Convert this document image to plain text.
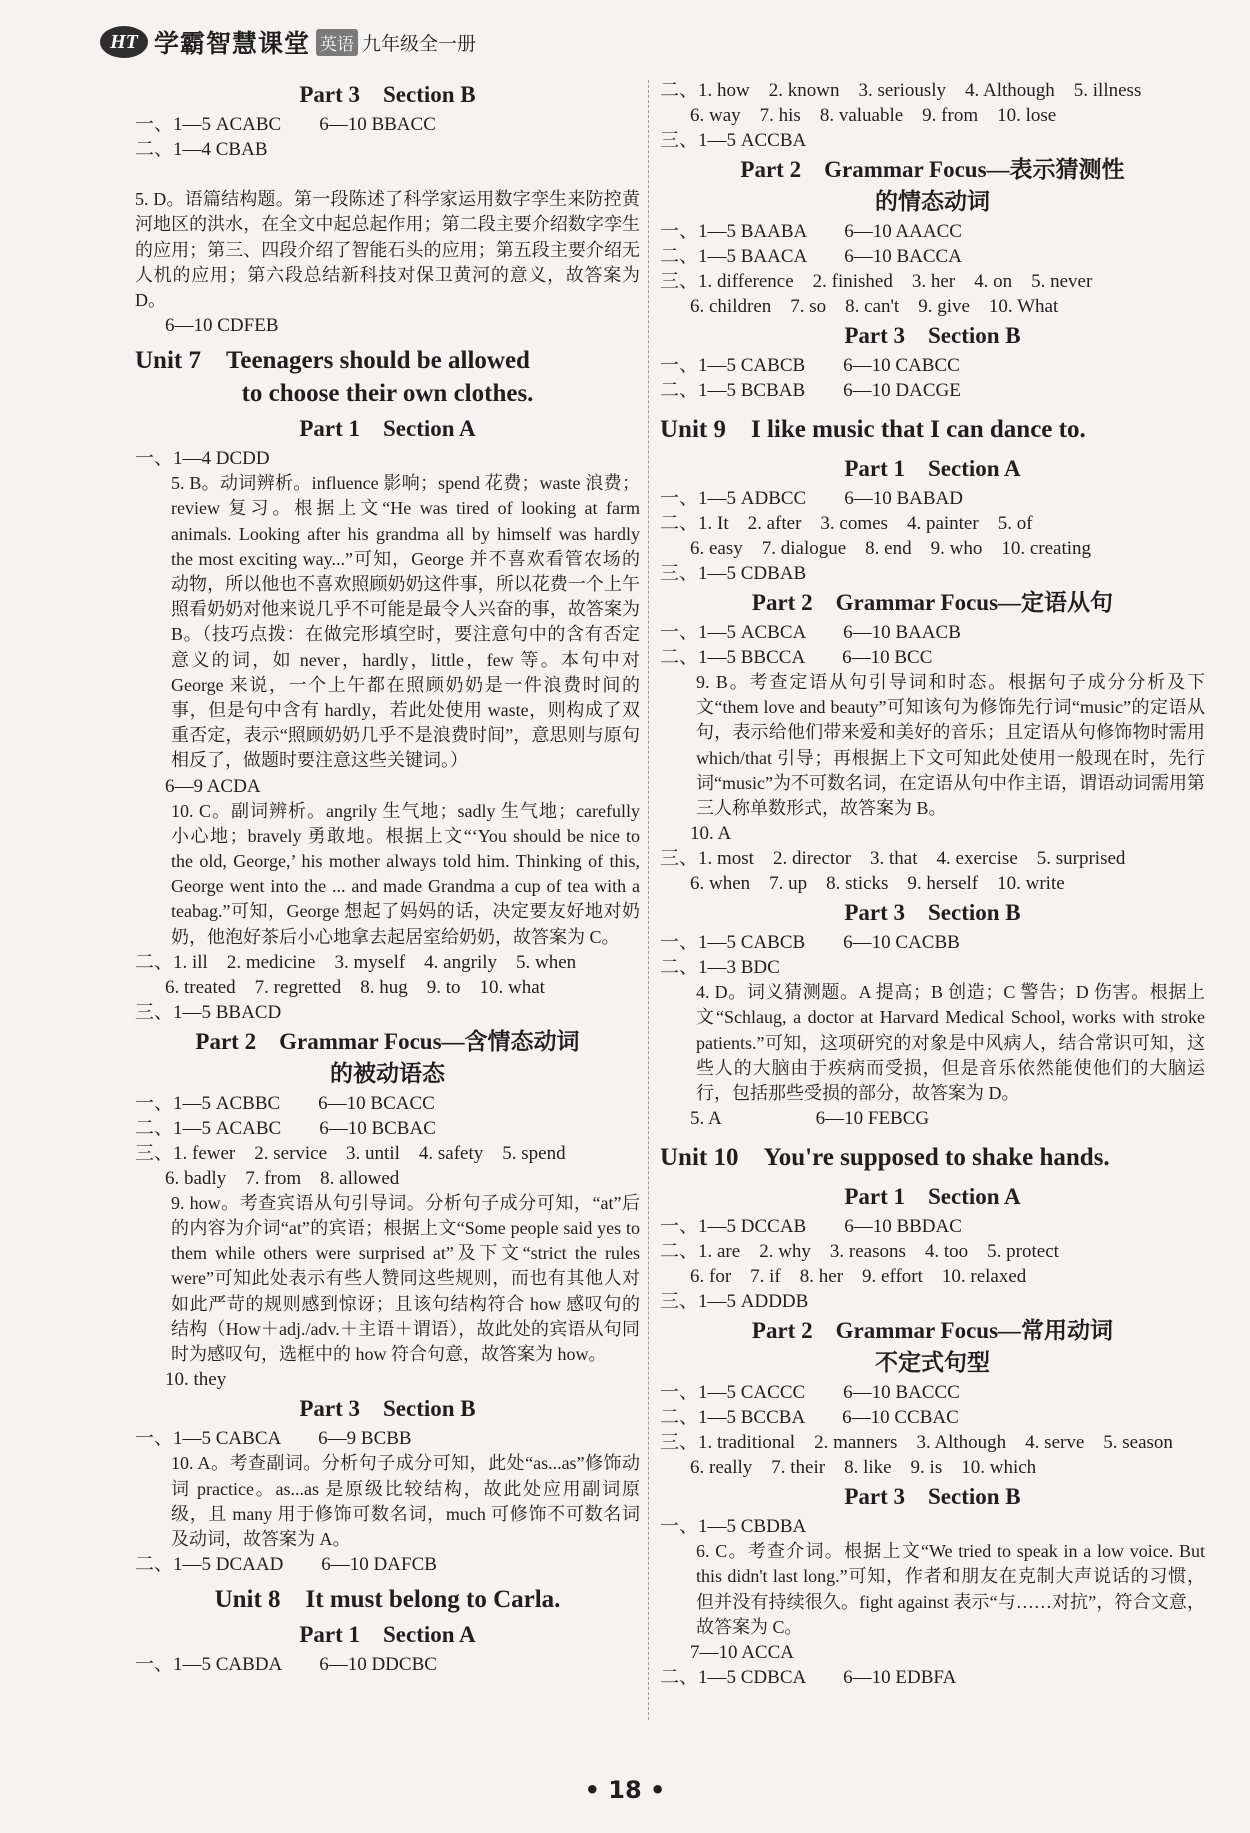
HT 学霸智慧课堂 英语 九年级全一册
Part 3　Section B
一、1—5 ACABC　　6—10 BBACC
二、1—4 CBAB
5. D。语篇结构题。第一段陈述了科学家运用数字孪生来防控黄河地区的洪水，在全文中起总起作用；第二段主要介绍数字孪生的应用；第三、四段介绍了智能石头的应用；第五段主要介绍无人机的应用；第六段总结新科技对保卫黄河的意义，故答案为 D。
6—10 CDFEB
Unit 7　Teenagers should be allowed
to choose their own clothes.
Part 1　Section A
一、1—4 DCDD
5. B。动词辨析。influence 影响；spend 花费；waste 浪费；review 复习。根据上文“He was tired of looking at farm animals. Looking after his grandma all by himself was hardly the most exciting way...”可知，George 并不喜欢看管农场的动物，所以他也不喜欢照顾奶奶这件事，所以花费一个上午照看奶奶对他来说几乎不可能是最令人兴奋的事，故答案为 B。（技巧点拨：在做完形填空时，要注意句中的含有否定意义的词，如 never，hardly，little，few 等。本句中对 George 来说，一个上午都在照顾奶奶是一件浪费时间的事，但是句中含有 hardly，若此处使用 waste，则构成了双重否定，表示“照顾奶奶几乎不是浪费时间”，意思则与原句相反了，做题时要注意这些关键词。）
6—9 ACDA
10. C。副词辨析。angrily 生气地；sadly 生气地；carefully 小心地；bravely 勇敢地。根据上文“‘You should be nice to the old, George,’ his mother always told him. Thinking of this, George went into the ... and made Grandma a cup of tea with a teabag.”可知，George 想起了妈妈的话，决定要友好地对奶奶，他泡好茶后小心地拿去起居室给奶奶，故答案为 C。
二、1. ill　2. medicine　3. myself　4. angrily　5. when
6. treated　7. regretted　8. hug　9. to　10. what
三、1—5 BBACD
Part 2　Grammar Focus—含情态动词
的被动语态
一、1—5 ACBBC　　6—10 BCACC
二、1—5 ACABC　　6—10 BCBAC
三、1. fewer　2. service　3. until　4. safety　5. spend
6. badly　7. from　8. allowed
9. how。考查宾语从句引导词。分析句子成分可知，“at”后的内容为介词“at”的宾语；根据上文“Some people said yes to them while others were surprised at”及下文“strict the rules were”可知此处表示有些人赞同这些规则，而也有其他人对如此严苛的规则感到惊讶；且该句结构符合 how 感叹句的结构（How＋adj./adv.＋主语＋谓语），故此处的宾语从句同时为感叹句，选框中的 how 符合句意，故答案为 how。
10. they
Part 3　Section B
一、1—5 CABCA　　6—9 BCBB
10. A。考查副词。分析句子成分可知，此处“as...as”修饰动词 practice。as...as 是原级比较结构，故此处应用副词原级，且 many 用于修饰可数名词，much 可修饰不可数名词及动词，故答案为 A。
二、1—5 DCAAD　　6—10 DAFCB
Unit 8　It must belong to Carla.
Part 1　Section A
一、1—5 CABDA　　6—10 DDCBC
二、1. how　2. known　3. seriously　4. Although　5. illness
6. way　7. his　8. valuable　9. from　10. lose
三、1—5 ACCBA
Part 2　Grammar Focus—表示猜测性
的情态动词
一、1—5 BAABA　　6—10 AAACC
二、1—5 BAACA　　6—10 BACCA
三、1. difference　2. finished　3. her　4. on　5. never
6. children　7. so　8. can't　9. give　10. What
Part 3　Section B
一、1—5 CABCB　　6—10 CABCC
二、1—5 BCBAB　　6—10 DACGE
Unit 9　I like music that I can dance to.
Part 1　Section A
一、1—5 ADBCC　　6—10 BABAD
二、1. It　2. after　3. comes　4. painter　5. of
6. easy　7. dialogue　8. end　9. who　10. creating
三、1—5 CDBAB
Part 2　Grammar Focus—定语从句
一、1—5 ACBCA　　6—10 BAACB
二、1—5 BBCCA　　6—10 BCC
9. B。考查定语从句引导词和时态。根据句子成分分析及下文“them love and beauty”可知该句为修饰先行词“music”的定语从句，表示给他们带来爱和美好的音乐；且定语从句修饰物时需用 which/that 引导；再根据上下文可知此处使用一般现在时，先行词“music”为不可数名词，在定语从句中作主语，谓语动词需用第三人称单数形式，故答案为 B。
10. A
三、1. most　2. director　3. that　4. exercise　5. surprised
6. when　7. up　8. sticks　9. herself　10. write
Part 3　Section B
一、1—5 CABCB　　6—10 CACBB
二、1—3 BDC
4. D。词义猜测题。A 提高；B 创造；C 警告；D 伤害。根据上文“Schlaug, a doctor at Harvard Medical School, works with stroke patients.”可知，这项研究的对象是中风病人，结合常识可知，这些人的大脑由于疾病而受损，但是音乐依然能使他们的大脑运行，包括那些受损的部分，故答案为 D。
5. A　　　　　6—10 FEBCG
Unit 10　You're supposed to shake hands.
Part 1　Section A
一、1—5 DCCAB　　6—10 BBDAC
二、1. are　2. why　3. reasons　4. too　5. protect
6. for　7. if　8. her　9. effort　10. relaxed
三、1—5 ADDDB
Part 2　Grammar Focus—常用动词
不定式句型
一、1—5 CACCC　　6—10 BACCC
二、1—5 BCCBA　　6—10 CCBAC
三、1. traditional　2. manners　3. Although　4. serve　5. season
6. really　7. their　8. like　9. is　10. which
Part 3　Section B
一、1—5 CBDBA
6. C。考查介词。根据上文“We tried to speak in a low voice. But this didn't last long.”可知，作者和朋友在克制大声说话的习惯，但并没有持续很久。fight against 表示“与……对抗”，符合文意，故答案为 C。
7—10 ACCA
二、1—5 CDBCA　　6—10 EDBFA
• 18 •
